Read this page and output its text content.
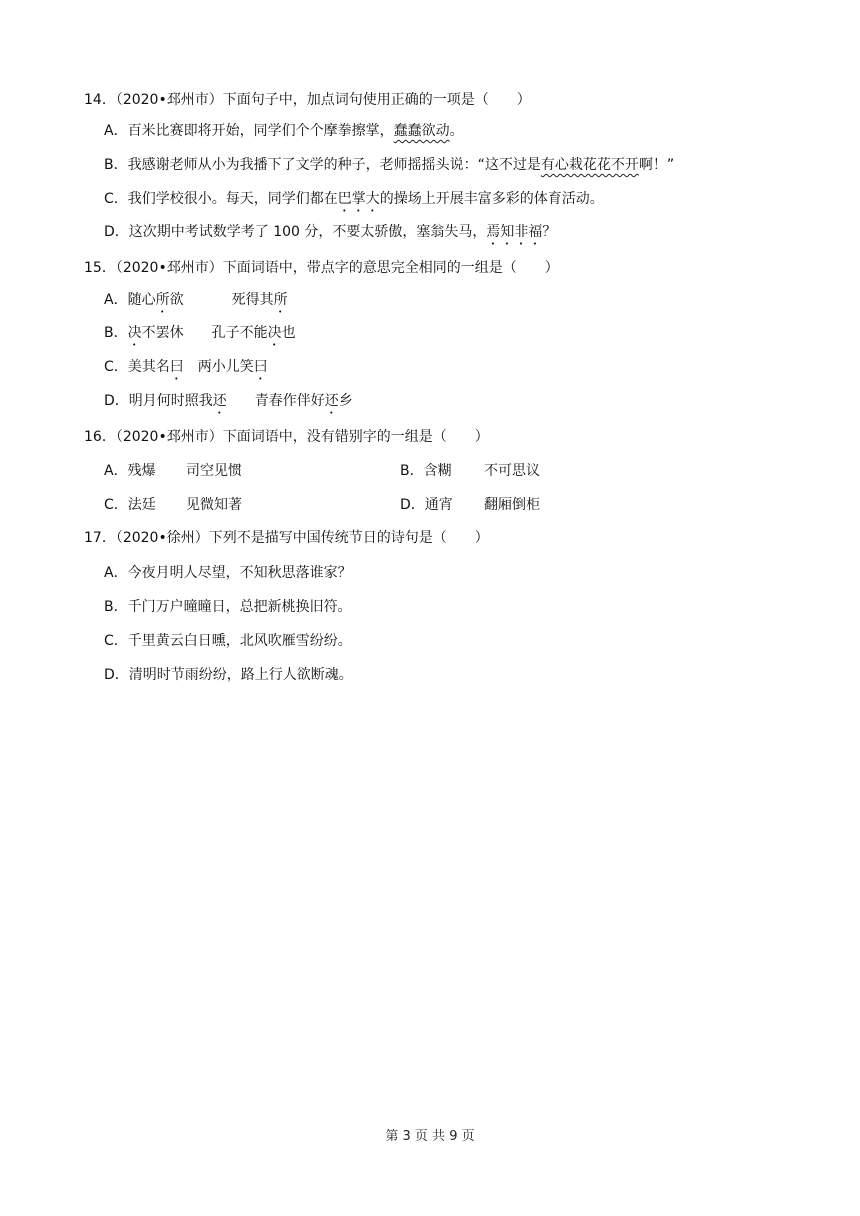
14．（2020•邳州市）下面句子中，加点词句使用正确的一项是（　　）
A．百米比赛即将开始，同学们个个摩拳擦掌，蠢蠢欲动。
B．我感谢老师从小为我播下了文学的种子，老师摇摇头说：“这不过是有心栽花花不开啊！”
C．我们学校很小。每天，同学们都在巴掌大的操场上开展丰富多彩的体育活动。
D．这次期中考试数学考了 100 分，不要太骄傲，塞翁失马，焉知非福？
15．（2020•邳州市）下面词语中，带点字的意思完全相同的一组是（　　）
A．随心所欲	死得其所
B．决不罢休 孔子不能决也
C．美其名曰 两小儿笑曰
D．明月何时照我还 青春作伴好还乡
16．（2020•邳州市）下面词语中，没有错别字的一组是（　　）
A．残爆 司空见惯	B．含糊 不可思议
C．法廷 见微知著	D．通宵 翻厢倒柜
17．（2020•徐州）下列不是描写中国传统节日的诗句是（　　）
A．今夜月明人尽望，不知秋思落谁家？
B．千门万户曈曈日，总把新桃换旧符。
C．千里黄云白日曛，北风吹雁雪纷纷。
D．清明时节雨纷纷，路上行人欲断魂。
第 3 页 共 9 页
